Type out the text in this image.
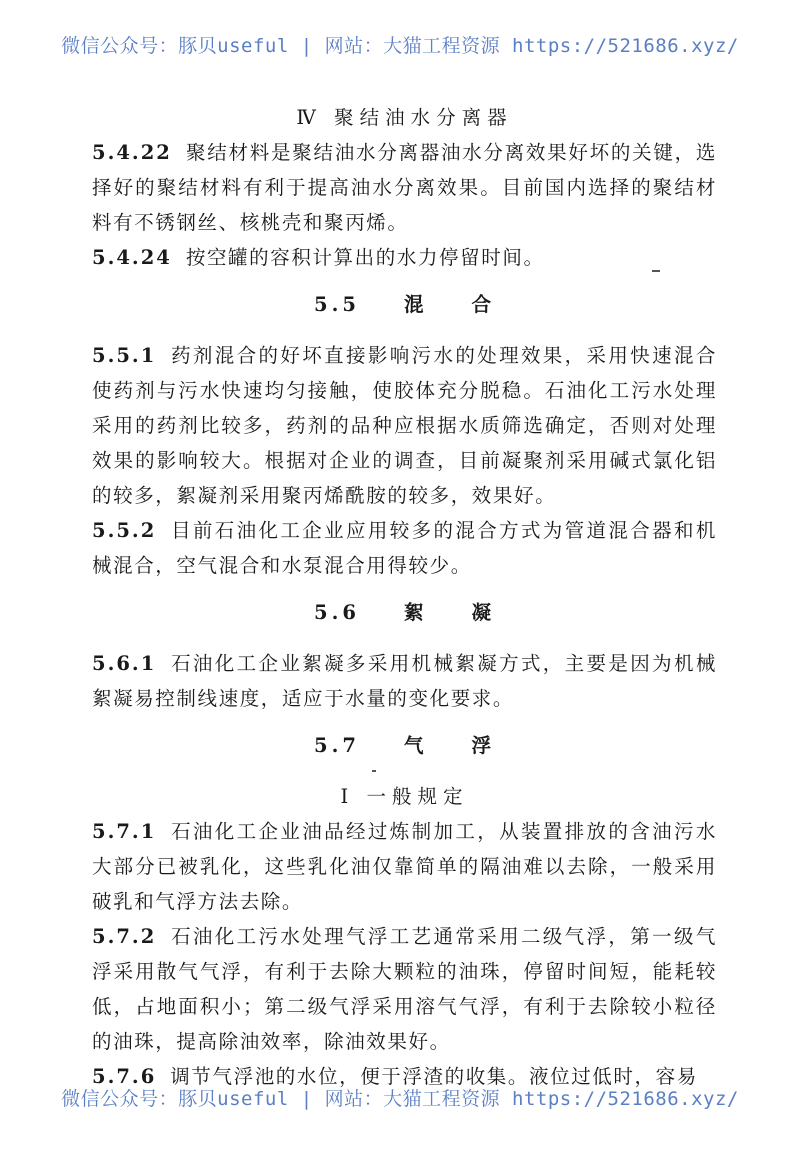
微信公众号：豚贝useful | 网站：大猫工程资源 https://521686.xyz/

Ⅳ 聚结油水分离器

5.4.22 聚结材料是聚结油水分离器油水分离效果好坏的关键，选择好的聚结材料有利于提高油水分离效果。目前国内选择的聚结材料有不锈钢丝、核桃壳和聚丙烯。

5.4.24 按空罐的容积计算出的水力停留时间。

5.5 混 合

5.5.1 药剂混合的好坏直接影响污水的处理效果，采用快速混合使药剂与污水快速均匀接触，使胶体充分脱稳。石油化工污水处理采用的药剂比较多，药剂的品种应根据水质筛选确定，否则对处理效果的影响较大。根据对企业的调查，目前凝聚剂采用碱式氯化铝的较多，絮凝剂采用聚丙烯酰胺的较多，效果好。

5.5.2 目前石油化工企业应用较多的混合方式为管道混合器和机械混合，空气混合和水泵混合用得较少。

5.6 絮 凝

5.6.1 石油化工企业絮凝多采用机械絮凝方式，主要是因为机械絮凝易控制线速度，适应于水量的变化要求。

5.7 气 浮

Ⅰ 一般规定

5.7.1 石油化工企业油品经过炼制加工，从装置排放的含油污水大部分已被乳化，这些乳化油仅靠简单的隔油难以去除，一般采用破乳和气浮方法去除。

5.7.2 石油化工污水处理气浮工艺通常采用二级气浮，第一级气浮采用散气气浮，有利于去除大颗粒的油珠，停留时间短，能耗较低，占地面积小；第二级气浮采用溶气气浮，有利于去除较小粒径的油珠，提高除油效率，除油效果好。

5.7.6 调节气浮池的水位，便于浮渣的收集。液位过低时，容易

微信公众号：豚贝useful | 网站：大猫工程资源 https://521686.xyz/
